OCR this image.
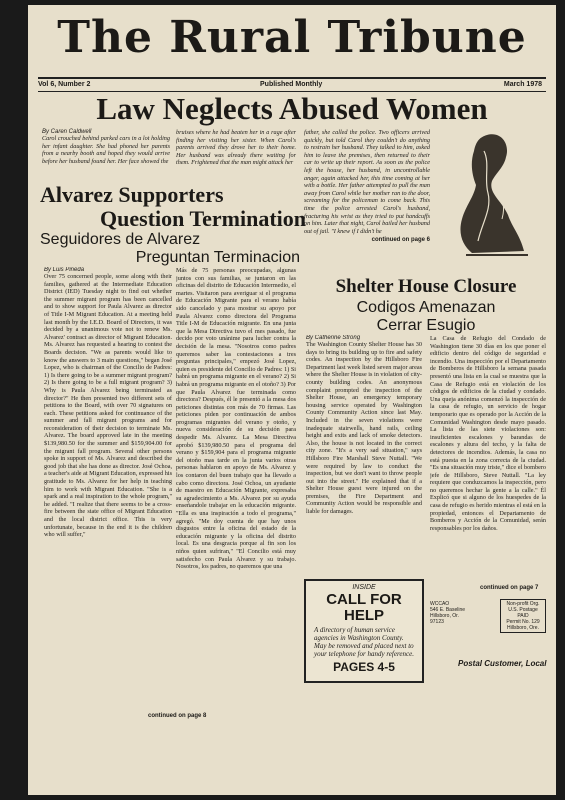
The Rural Tribune
Vol 6, Number 2	Published Monthly	March 1978
Law Neglects Abused Women
By Caren Caldwell

Carol crouched behind parked cars in a lot holding her infant daughter. She had phoned her parents from a nearby booth and hoped they would arrive before her husband found her. Her face showed the

bruises where he had beaten her in a rage after finding her visiting her sister. When Carol's parents arrived they drove her to their home. Her husband was already there waiting for them. Frightened that the man might attack her

father, she called the police. Two officers arrived quickly, but told Carol they couldn't do anything to restrain her husband. They talked to him, asked him to leave the premises, then returned to their car to write up their report. As soon as the police left the house, her husband, in uncontrollable anger, again attacked her, this time coming at her with a bottle. Her father attempted to pull the man away from Carol while her mother ran to the door, screaming for the policeman to come back. This time the police arrested Carol's husband, fracturing his wrist as they tried to put handcuffs on him. Later that night, Carol bailed her husband out of jail. "I knew if I didn't he

continued on page 6
Alvarez Supporters
Question Termination
Seguidores de Alvarez
Preguntan Terminacion
By Luis Pineda

Over 75 concerned people, some along with their families, gathered at the Intermediate Education District (IED) Tuesday night to find out whether the summer migrant program has been cancelled and to show support for Paula Alvarez as director of Title I-M Migrant Education. At a meeting held last month by the I.E.D. Board of Directors, it was decided by a unanimous vote not to renew Ms. Alvarez' contract as director of Migrant Education. Ms. Alvarez has requested a hearing to contest the Boards decision. "We as parents would like to know the answers to 3 main questions," began José Lopez, who is chairman of the Concilio de Padres: 1) Is there going to be a summer migrant program? 2) Is there going to be a full migrant program? 3) Why is Paula Alvarez being terminated as director?" He then presented two different sets of petitions to the Board, with over 70 signatures on each. These petitions asked for continuance of the summer and fall migrant programs and for reconsideration of their decision to terminate Ms. Alvarez. The board approved late in the meeting $139,980.50 for the summer and $159,904.00 for the migrant fall program. Several other persons spoke in support of Ms. Alvarez and described the good job that she has done as director. José Ochoa, a teacher's aide at Migrant Education, expressed his gratitude to Ms. Alvarez for her help in teaching him to work with Migrant Education. "She is a spark and a real inspiration to the whole program," he added. "I realize that there seems to be a cross-fire between the state office of Migrant Education and the local district office. This is very unfortunate, because in the end it is the children who will suffer,"

Más de 75 personas preocupadas, algunas juntos con sus familias, se juntaron en las oficinas del distrito de Educación Intermedio, el martes. Visitaron para averiguar si el programa de Educación Migrante para el verano había sido cancelado y para mostrar su apoyo por Paula Alvarez como directora del Programa Title I-M de Educación migrante. En una junta que la Mesa Directiva tuvo el mes pasado, fue decido por voto unánime para lucher contra la decisión de la mesa. "Nosotros como padres queremos saber las contestaciones a tres preguntas principales," empezó José Lopez, quien es presidente del Concilio de Padres: 1) Si habrá un programa migrante en el verano? 2) Si habrá un programa migrante en el otoño? 3) Por que Paula Alvarez fue terminada como directora? Después, él le presentó a la mesa dos peticiones distintas con más de 70 firmas. Las peticiones piden por continuación de ambos programas migrantes del verano y otoño, y nueva consideración de su decisión para despedir Ms. Alvarez. La Mesa Directiva aprobó $139,980.50 para el programa del verano y $159,904 para el programa migrante del otoño mas tarde en la junta varios otras personas hablaron en apoyo de Ms. Alvarez y los contaron del buen trabajo que ha llevado a cabo como directora. José Ochoa, un ayudante de maestro en Educación Migrante, expresaba su agradecimiento a Ms. Alvarez por su ayuda enseñandole trabajar en la educación migrante. "Ella es una inspiración a todo el programa," agregó. "Me doy cuenta de que hay unos disgustos entre la oficina del estado de la educación migrante y la oficina del distrito local. Es una desgracia porque al fin son los niños quien sufriran," "El Concilio está muy satisfecho con Paula Alvarez y su trabajo. Nosotros, los padres, no queremos que una

continued on page 8
Shelter House Closure
Codigos Amenazan
Cerrar Esugio
By Catherine Strong

The Washington County Shelter House has 30 days to bring its building up to fire and safety codes. An inspection by the Hillsboro Fire Department last week listed seven major areas where the Shelter House is in violation of city-county building codes. An anonymous complaint prompted the inspection of the Shelter House, an emergency temporary housing service operated by Washington County Community Action since last May. Included in the seven violations were inadequate stairwells, hand rails, ceiling height and exits and lack of smoke detectors. Also, the house is not located in the correct city zone. "It's a very sad situation," says Hillsboro Fire Marshall Steve Nuttall. "We were required by law to conduct the inspection, but we don't want to throw people out into the street." He explained that if a Shelter House guest were injured on the premises, the Fire Department and Community Action would be responsible and liable for damages.

La Casa de Refugio del Condado de Washington tiene 30 días en los que poner el edificio dentro del código de seguridad e incendio. Una inspección por el Departamento de Bomberos de Hillsboro la semana pasada presentó una lista en la cual se muestra que la Casa de Refugio está en violación de los códigos de edificios de la ciudad y condado. Una queja anónima comenzó la inspección de la casa de refugio, un servicio de hogar temporario que es operado por la Acción de la Comunidad Washington desde mayo pasado. La lista de las siete violaciones son: insuficientes escalones y barandas de escalones y altura del techo, y la falta de detectores de incendios. Además, la casa no está puesta en la zona correcta de la ciudad. "Es una situación muy triste," dice el bombero jefe de Hillsboro, Steve Nuttall. "La ley requiere que conduzcamos la inspección, pero no queremos hechar la gente a la calle." Él Explicó que si alguno de los huespedes de la casa de refugio es herido mientras el está en la propiedad, entonces el Departamento de Bomberos y Acción de la Comunidad, serán responsables por los daños.

continued on page 7
INSIDE
CALL FOR HELP
A directory of human service agencies in Washington County. May be removed and placed next to your telephone for handy reference.
PAGES 4-5
WCCAO
546 E. Baseline
Hillsboro, Or.
97123
Non-profit Org.
U.S. Postage
PAID
Permit No. 129
Hillsboro, Ore.
Postal Customer, Local
